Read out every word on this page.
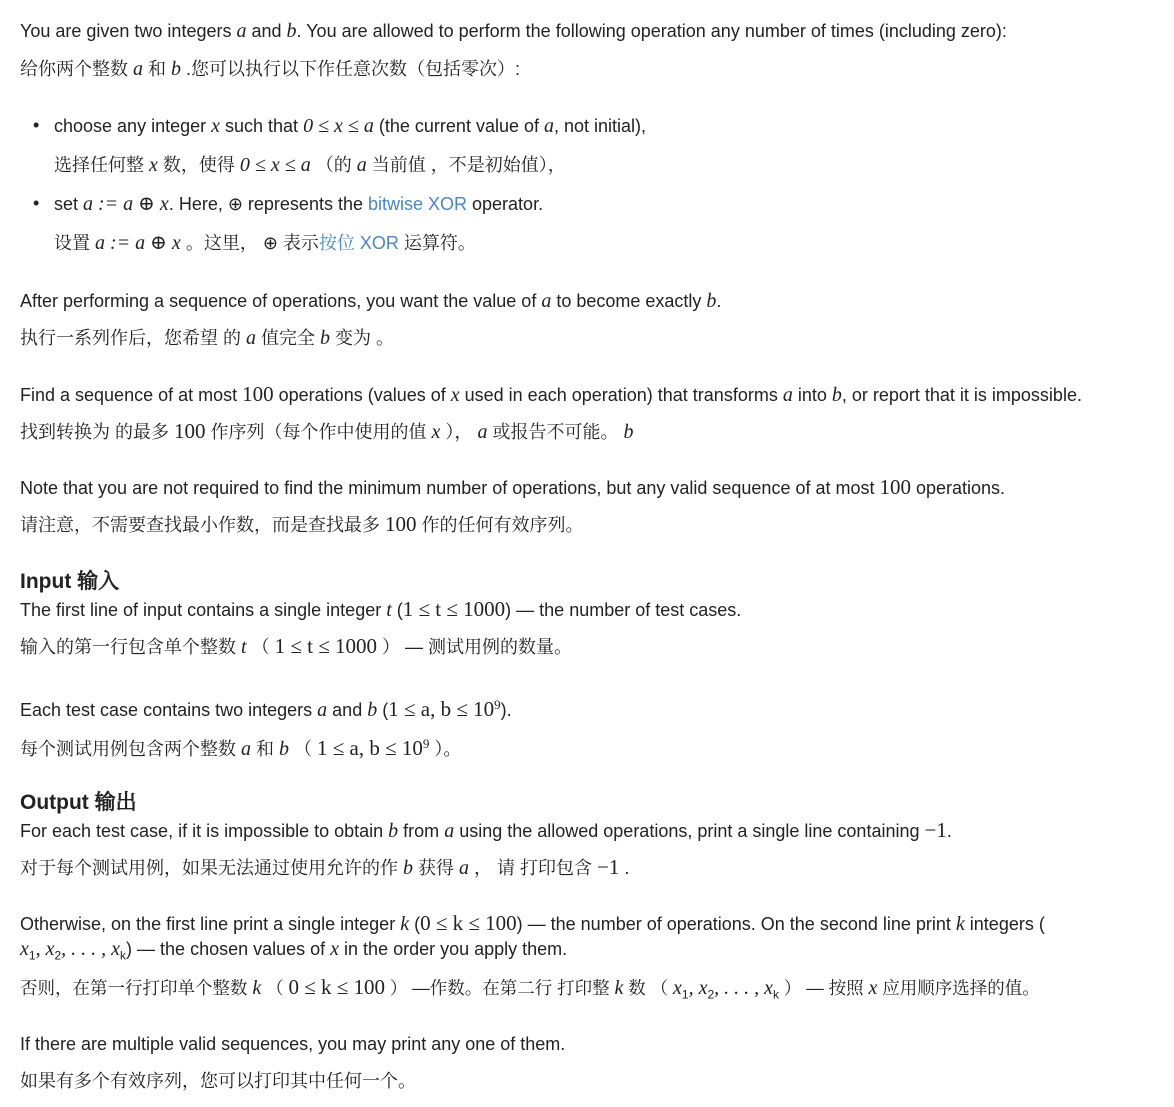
You are given two integers a and b. You are allowed to perform the following operation any number of times (including zero):
给你两个整数 a 和 b .您可以执行以下作任意次数（包括零次）:
• choose any integer x such that 0 ≤ x ≤ a (the current value of a, not initial),
选择任何整 x 数，使得 0 ≤ x ≤ a （的 a 当前值 ，不是初始值），
• set a := a ⊕ x. Here, ⊕ represents the bitwise XOR operator.
设置 a := a ⊕ x 。这里， ⊕ 表示按位 XOR 运算符。
After performing a sequence of operations, you want the value of a to become exactly b.
执行一系列作后，您希望 的 a 值完全 b 变为 。
Find a sequence of at most 100 operations (values of x used in each operation) that transforms a into b, or report that it is impossible.
找到转换为 的最多 100 作序列（每个作中使用的值 x ）， a 或报告不可能。 b
Note that you are not required to find the minimum number of operations, but any valid sequence of at most 100 operations.
请注意，不需要查找最小作数，而是查找最多 100 作的任何有效序列。
Input 输入
The first line of input contains a single integer t (1 ≤ t ≤ 1000) — the number of test cases.
输入的第一行包含单个整数 t （ 1 ≤ t ≤ 1000 ） — 测试用例的数量。
Each test case contains two integers a and b (1 ≤ a, $b \le 10^9$).
每个测试用例包含两个整数 a 和 b （ 1 ≤ a, $b \le 10^9$ ）。
Output 输出
For each test case, if it is impossible to obtain b from a using the allowed operations, print a single line containing −1.
对于每个测试用例，如果无法通过使用允许的作 b 获得 a ， 请 打印包含 −1 .
Otherwise, on the first line print a single integer k (0 ≤ k ≤ 100) — the number of operations. On the second line print k integers (
$x_1$, $x_2$, . . . , $x_k$) — the chosen values of x in the order you apply them.
否则，在第一行打印单个整数 k （ 0 ≤ k ≤ 100 ） —作数。在第二行 打印整 k 数 （ $x_1$, $x_2$, . . . , $x_k$ ） — 按照 x 应用顺序选择的值。
If there are multiple valid sequences, you may print any one of them.
如果有多个有效序列，您可以打印其中任何一个。
